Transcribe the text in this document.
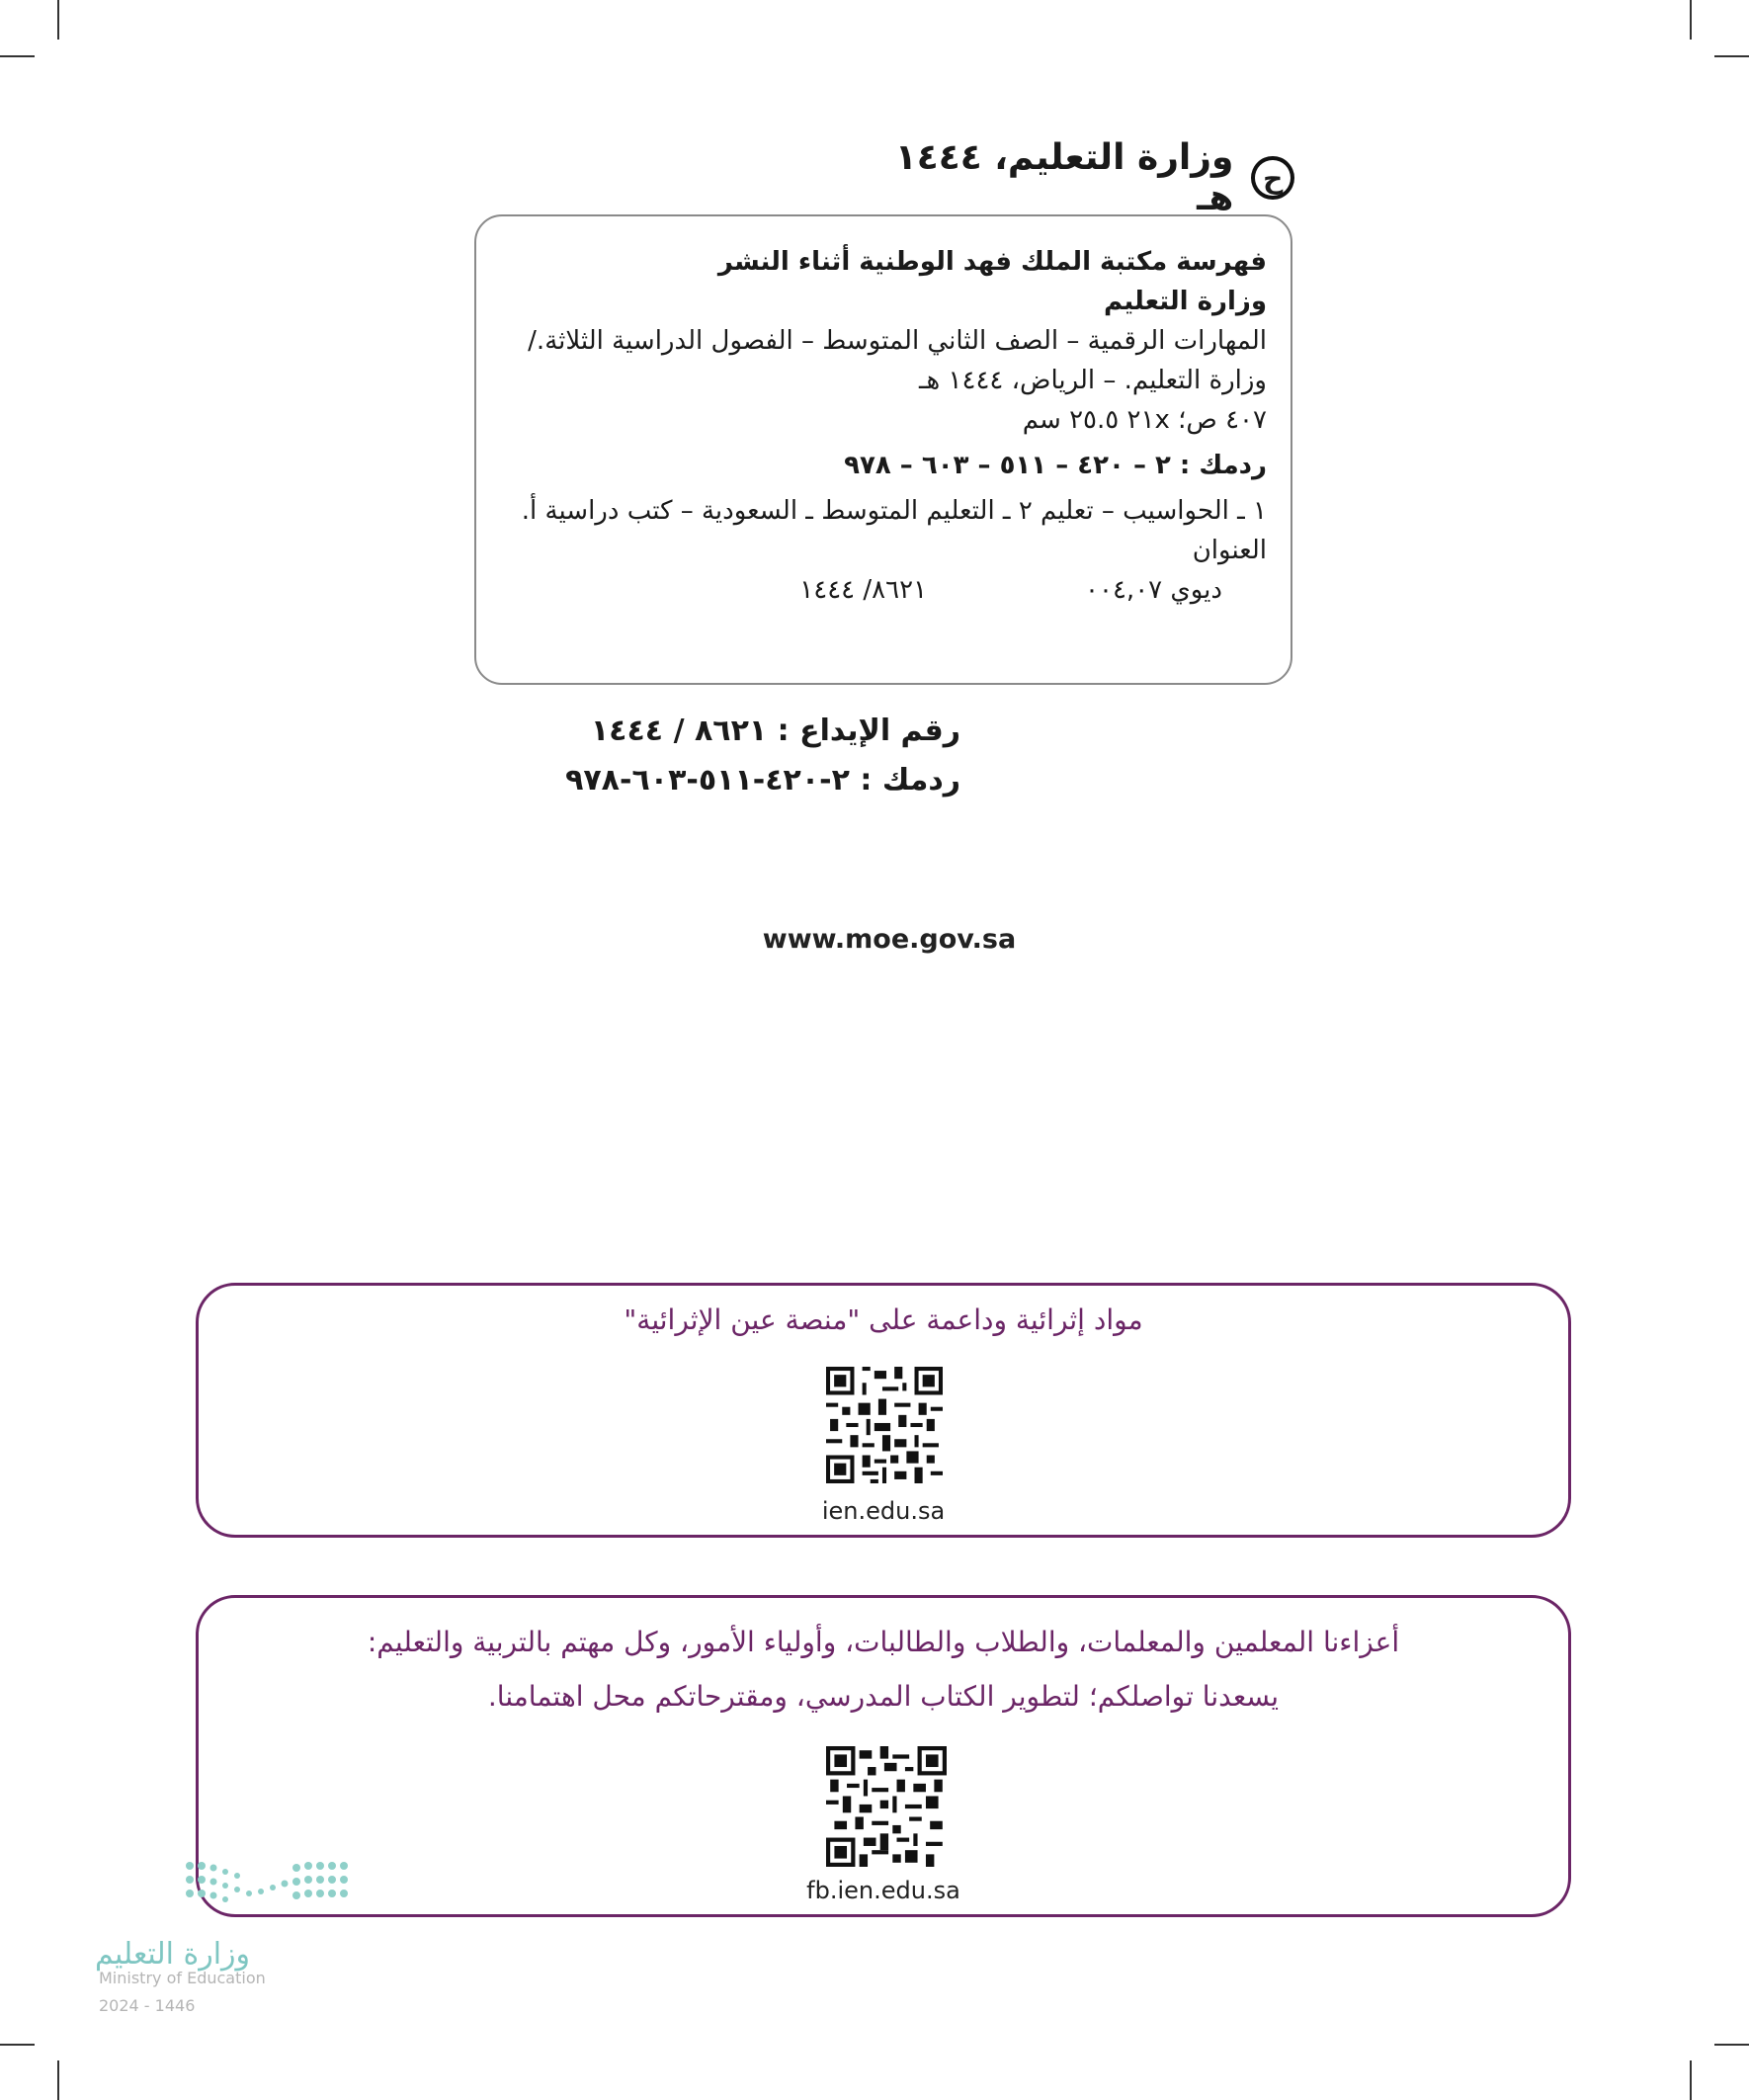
ح
وزارة التعليم، ١٤٤٤ هـ
فهرسة مكتبة الملك فهد الوطنية أثناء النشر
وزارة التعليم
المهارات الرقمية – الصف الثاني المتوسط – الفصول الدراسية الثلاثة./ وزارة التعليم. – الرياض، ١٤٤٤ هـ
٤٠٧ ص؛ ٢١x ٢٥.٥ سم
ردمك : ٢ – ٤٢٠ – ٥١١ – ٦٠٣ – ٩٧٨
١ ـ الحواسيب – تعليم ٢ ـ التعليم المتوسط ـ السعودية – كتب دراسية أ. العنوان
ديوي ٠٠٤,٠٧
٨٦٢١/ ١٤٤٤
رقم الإيداع : ٨٦٢١ / ١٤٤٤
ردمك : ٢-٤٢٠-٥١١-٦٠٣-٩٧٨
www.moe.gov.sa
مواد إثرائية وداعمة على "منصة عين الإثرائية"
ien.edu.sa
أعزاءنا المعلمين والمعلمات، والطلاب والطالبات، وأولياء الأمور، وكل مهتم بالتربية والتعليم:
يسعدنا تواصلكم؛ لتطوير الكتاب المدرسي، ومقترحاتكم محل اهتمامنا.
fb.ien.edu.sa
وزارة التعليم
Ministry of Education
2024 - 1446
